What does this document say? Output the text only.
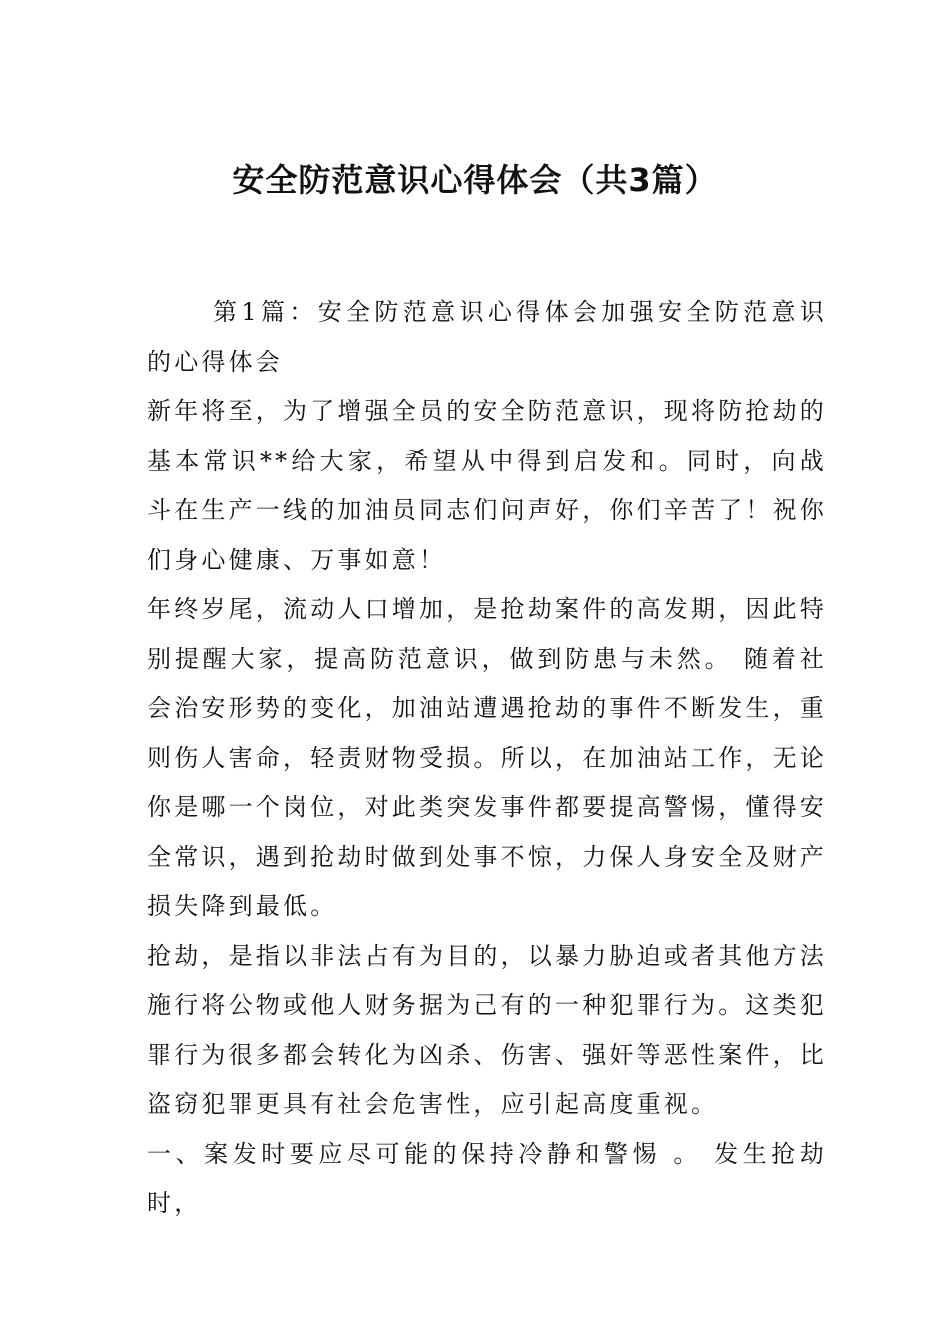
安全防范意识心得体会（共3篇）

第1篇：安全防范意识心得体会加强安全防范意识的心得体会

新年将至，为了增强全员的安全防范意识，现将防抢劫的基本常识**给大家，希望从中得到启发和。同时，向战斗在生产一线的加油员同志们问声好，你们辛苦了！祝你们身心健康、万事如意！

年终岁尾，流动人口增加，是抢劫案件的高发期，因此特别提醒大家，提高防范意识，做到防患与未然。 随着社会治安形势的变化，加油站遭遇抢劫的事件不断发生，重则伤人害命，轻责财物受损。所以，在加油站工作，无论你是哪一个岗位，对此类突发事件都要提高警惕，懂得安全常识，遇到抢劫时做到处事不惊，力保人身安全及财产损失降到最低。

抢劫，是指以非法占有为目的，以暴力胁迫或者其他方法施行将公物或他人财务据为己有的一种犯罪行为。这类犯罪行为很多都会转化为凶杀、伤害、强奸等恶性案件，比盗窃犯罪更具有社会危害性，应引起高度重视。

一、案发时要应尽可能的保持冷静和警惕 。 发生抢劫时，
